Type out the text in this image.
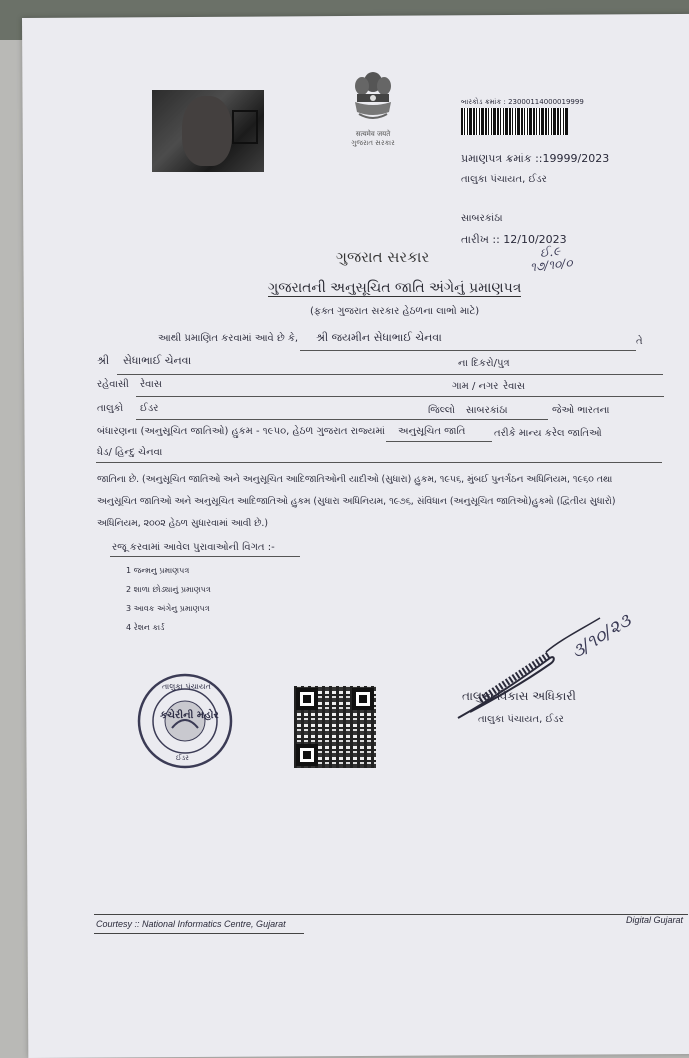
सत्यमेव जयते
ગુજરાત સરકાર
બારકોડ ક્રમાંક : 23000114000019999
પ્રમાણપત્ર ક્રમાંક ::19999/2023
તાલુકા પંચાયત, ઈડર
સાબરકાંઠા
તારીખ :: 12/10/2023
ઈ.૯
૧૭/૧૦/૦
ગુજરાત સરકાર
ગુજરાતની અનુસૂચિત જાતિ અંગેનું પ્રમાણપત્ર
(ફક્ત ગુજરાત સરકાર હેઠળના લાભો માટે)
આથી પ્રમાણિત કરવામાં આવે છે કે, શ્રી જયમીન સેધાભાઈ ચેનવા	તે
શ્રી સેધાભાઈ ચેનવા	ના દિકરો/પુત્ર
રહેવાસી રેવાસ	ગામ / નગર રેવાસ
તાલુકો ઈડર	જિલ્લો સાબરકાંઠા	જેઓ ભારતના
બંધારણના (અનુસૂચિત જાતિઓ) હુકમ - ૧૯૫૦, હેઠળ ગુજરાત રાજ્યમાં અનુસૂચિત જાતિ	તરીકે માન્ય કરેલ જાતિઓ
ધેડ/ હિન્દુ ચેનવા
જાતિના છે. (અનુસૂચિત જાતિઓ અને અનુસૂચિત આદિજાતિઓની યાદીઓ (સુધારા) હુકમ, ૧૯૫૬, મુંબઈ પુનર્ગઠન અધિનિયમ, ૧૯૬૦ તથા
અનુસૂચિત જાતિઓ અને અનુસૂચિત આદિજાતિઓ હુકમ (સુધારા અધિનિયમ, ૧૯૭૬, સંવિધાન (અનુસૂચિત જાતિઓ)હુકમો (દ્વિતીય સુધારો)
અધિનિયમ, ૨૦૦૨ હેઠળ સુધારવામાં આવી છે.)
રજૂ કરવામાં આવેલ પુરાવાઓની વિગત :-
1 જન્મનુ પ્રમાણપત્ર
2 શાળા છોડ્યાનું પ્રમાણપત્ર
3 આવક અંગેનુ પ્રમાણપત્ર
4 રેશન કાર્ડ
તાલુકા પંચાયત
કચેરીની મહોર
ઈડર
૩/૧૦/૨૩
તાલુકા વિકાસ અધિકારી
તાલુકા પંચાયત, ઈડર
Courtesy :: National Informatics Centre, Gujarat	Digital Gujarat
